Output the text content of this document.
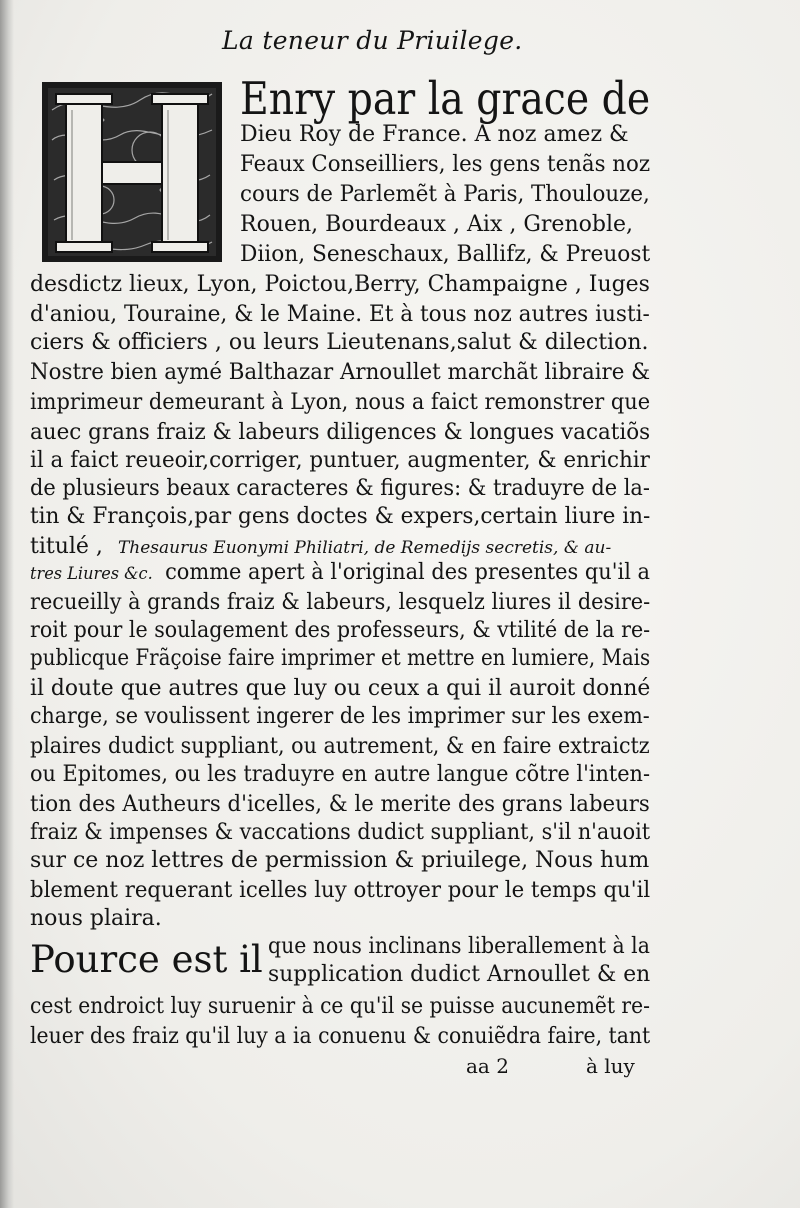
La teneur du Priuilege.
Enry par la grace de
Dieu Roy de France. A noz amez &
Feaux Conseilliers, les gens tenãs noz
cours de Parlemẽt à Paris, Thoulouze,
Rouen, Bourdeaux , Aix , Grenoble,
Diion, Seneschaux, Ballifz, & Preuost
desdictz lieux, Lyon, Poictou,Berry, Champaigne , Iuges
d'aniou, Touraine, & le Maine. Et à tous noz autres iusti-
ciers & officiers , ou leurs Lieutenans,salut & dilection.
Nostre bien aymé Balthazar Arnoullet marchãt libraire &
imprimeur demeurant à Lyon, nous a faict remonstrer que
auec grans fraiz & labeurs diligences & longues vacatiõs
il a faict reueoir,corriger, puntuer, augmenter, & enrichir
de plusieurs beaux caracteres & figures: & traduyre de la-
tin & François,par gens doctes & expers,certain liure in-
titulé , Thesaurus Euonymi Philiatri, de Remedijs secretis, & au-
tres Liures &c. comme apert à l'original des presentes qu'il a
recueilly à grands fraiz & labeurs, lesquelz liures il desire-
roit pour le soulagement des professeurs, & vtilité de la re-
publicque Frãçoise faire imprimer et mettre en lumiere, Mais
il doute que autres que luy ou ceux a qui il auroit donné
charge, se voulissent ingerer de les imprimer sur les exem-
plaires dudict suppliant, ou autrement, & en faire extraictz
ou Epitomes, ou les traduyre en autre langue cõtre l'inten-
tion des Autheurs d'icelles, & le merite des grans labeurs
fraiz & impenses & vaccations dudict suppliant, s'il n'auoit
sur ce noz lettres de permission & priuilege, Nous hum
blement requerant icelles luy ottroyer pour le temps qu'il
nous plaira.
Pource est il que nous inclinans liberallement à la
supplication dudict Arnoullet & en
cest endroict luy suruenir à ce qu'il se puisse aucunemẽt re-
leuer des fraiz qu'il luy a ia conuenu & conuiẽdra faire, tant
aa 2	à luy
